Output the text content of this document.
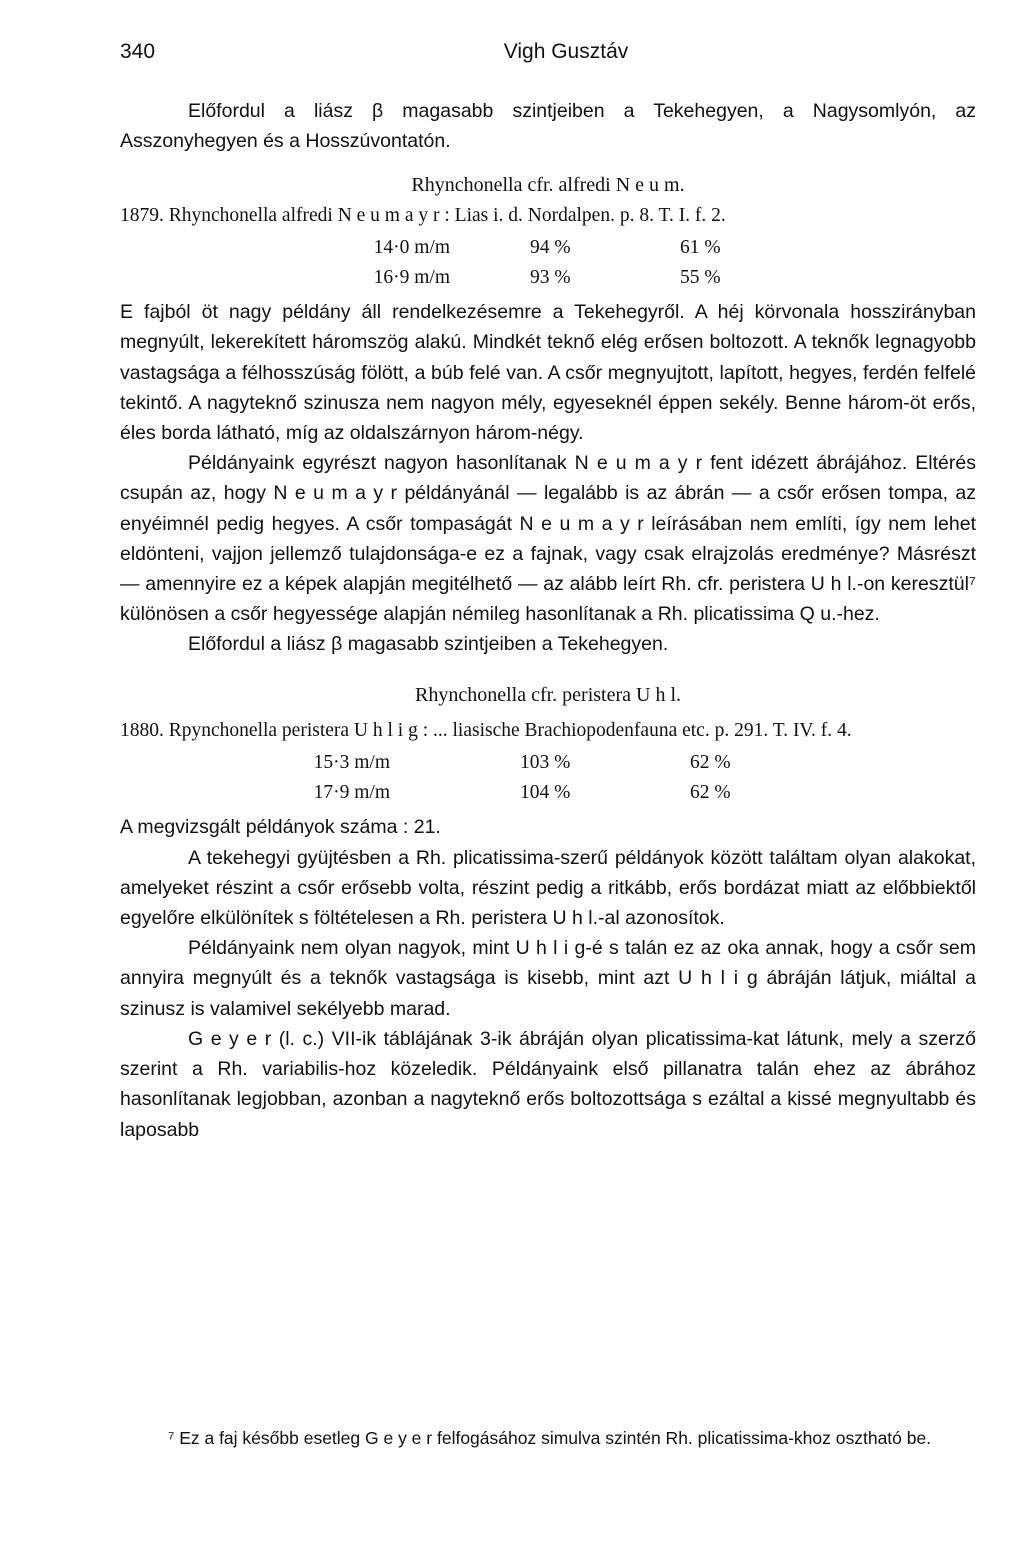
340	Vigh Gusztáv

Előfordul a liász β magasabb szintjeiben a Tekehegyen, a Nagysomlyón, az Asszonyhegyen és a Hosszúvontatón.

Rhynchonella cfr. alfredi N e u m.

1879. Rhynchonella alfredi N e u m a y r : Lias i. d. Nordalpen. p. 8. T. I. f. 2.

14·0 m/m	94 %	61 %
16·9 m/m	93 %	55 %

E fajból öt nagy példány áll rendelkezésemre a Tekehegyről. A héj körvonala hosszirányban megnyúlt, lekerekített háromszög alakú. Mindkét teknő elég erősen boltozott. A teknők legnagyobb vastagsága a félhosszúság fölött, a búb felé van. A csőr megnyujtott, lapított, hegyes, ferdén felfelé tekintő. A nagyteknő szinusza nem nagyon mély, egyeseknél éppen sekély. Benne három-öt erős, éles borda látható, míg az oldalszárnyon három-négy.

Példányaink egyrészt nagyon hasonlítanak N e u m a y r fent idézett ábrájához. Eltérés csupán az, hogy N e u m a y r példányánál — legalább is az ábrán — a csőr erősen tompa, az enyéimnél pedig hegyes. A csőr tompaságát N e u m a y r leírásában nem említi, így nem lehet eldönteni, vajjon jellemző tulajdonsága-e ez a fajnak, vagy csak elrajzolás eredménye? Másrészt — amennyire ez a képek alapján megitélhető — az alább leírt Rh. cfr. peristera U h l.-on keresztül⁷ különösen a csőr hegyessége alapján némileg hasonlítanak a Rh. plicatissima Q u.-hez.

Előfordul a liász β magasabb szintjeiben a Tekehegyen.

Rhynchonella cfr. peristera U h l.

1880. Rpynchonella peristera U h l i g : ... liasische Brachiopodenfauna etc. p. 291. T. IV. f. 4.

15·3 m/m	103 %	62 %
17·9 m/m	104 %	62 %

A megvizsgált példányok száma : 21.

A tekehegyi gyüjtésben a Rh. plicatissima-szerű példányok között találtam olyan alakokat, amelyeket részint a csőr erősebb volta, részint pedig a ritkább, erős bordázat miatt az előbbiektől egyelőre elkülönítek s föltételesen a Rh. peristera U h l.-al azonosítok.

Példányaink nem olyan nagyok, mint U h l i g-é s talán ez az oka annak, hogy a csőr sem annyira megnyúlt és a teknők vastagsága is kisebb, mint azt U h l i g ábráján látjuk, miáltal a szinusz is valamivel sekélyebb marad.

G e y e r (l. c.) VII-ik táblájának 3-ik ábráján olyan plicatissima-kat látunk, mely a szerző szerint a Rh. variabilis-hoz közeledik. Példányaink első pillanatra talán ehez az ábrához hasonlítanak legjobban, azonban a nagyteknő erős boltozottsága s ezáltal a kissé megnyultabb és laposabb

⁷ Ez a faj később esetleg G e y e r felfogásához simulva szintén Rh. plicatissima-khoz osztható be.
